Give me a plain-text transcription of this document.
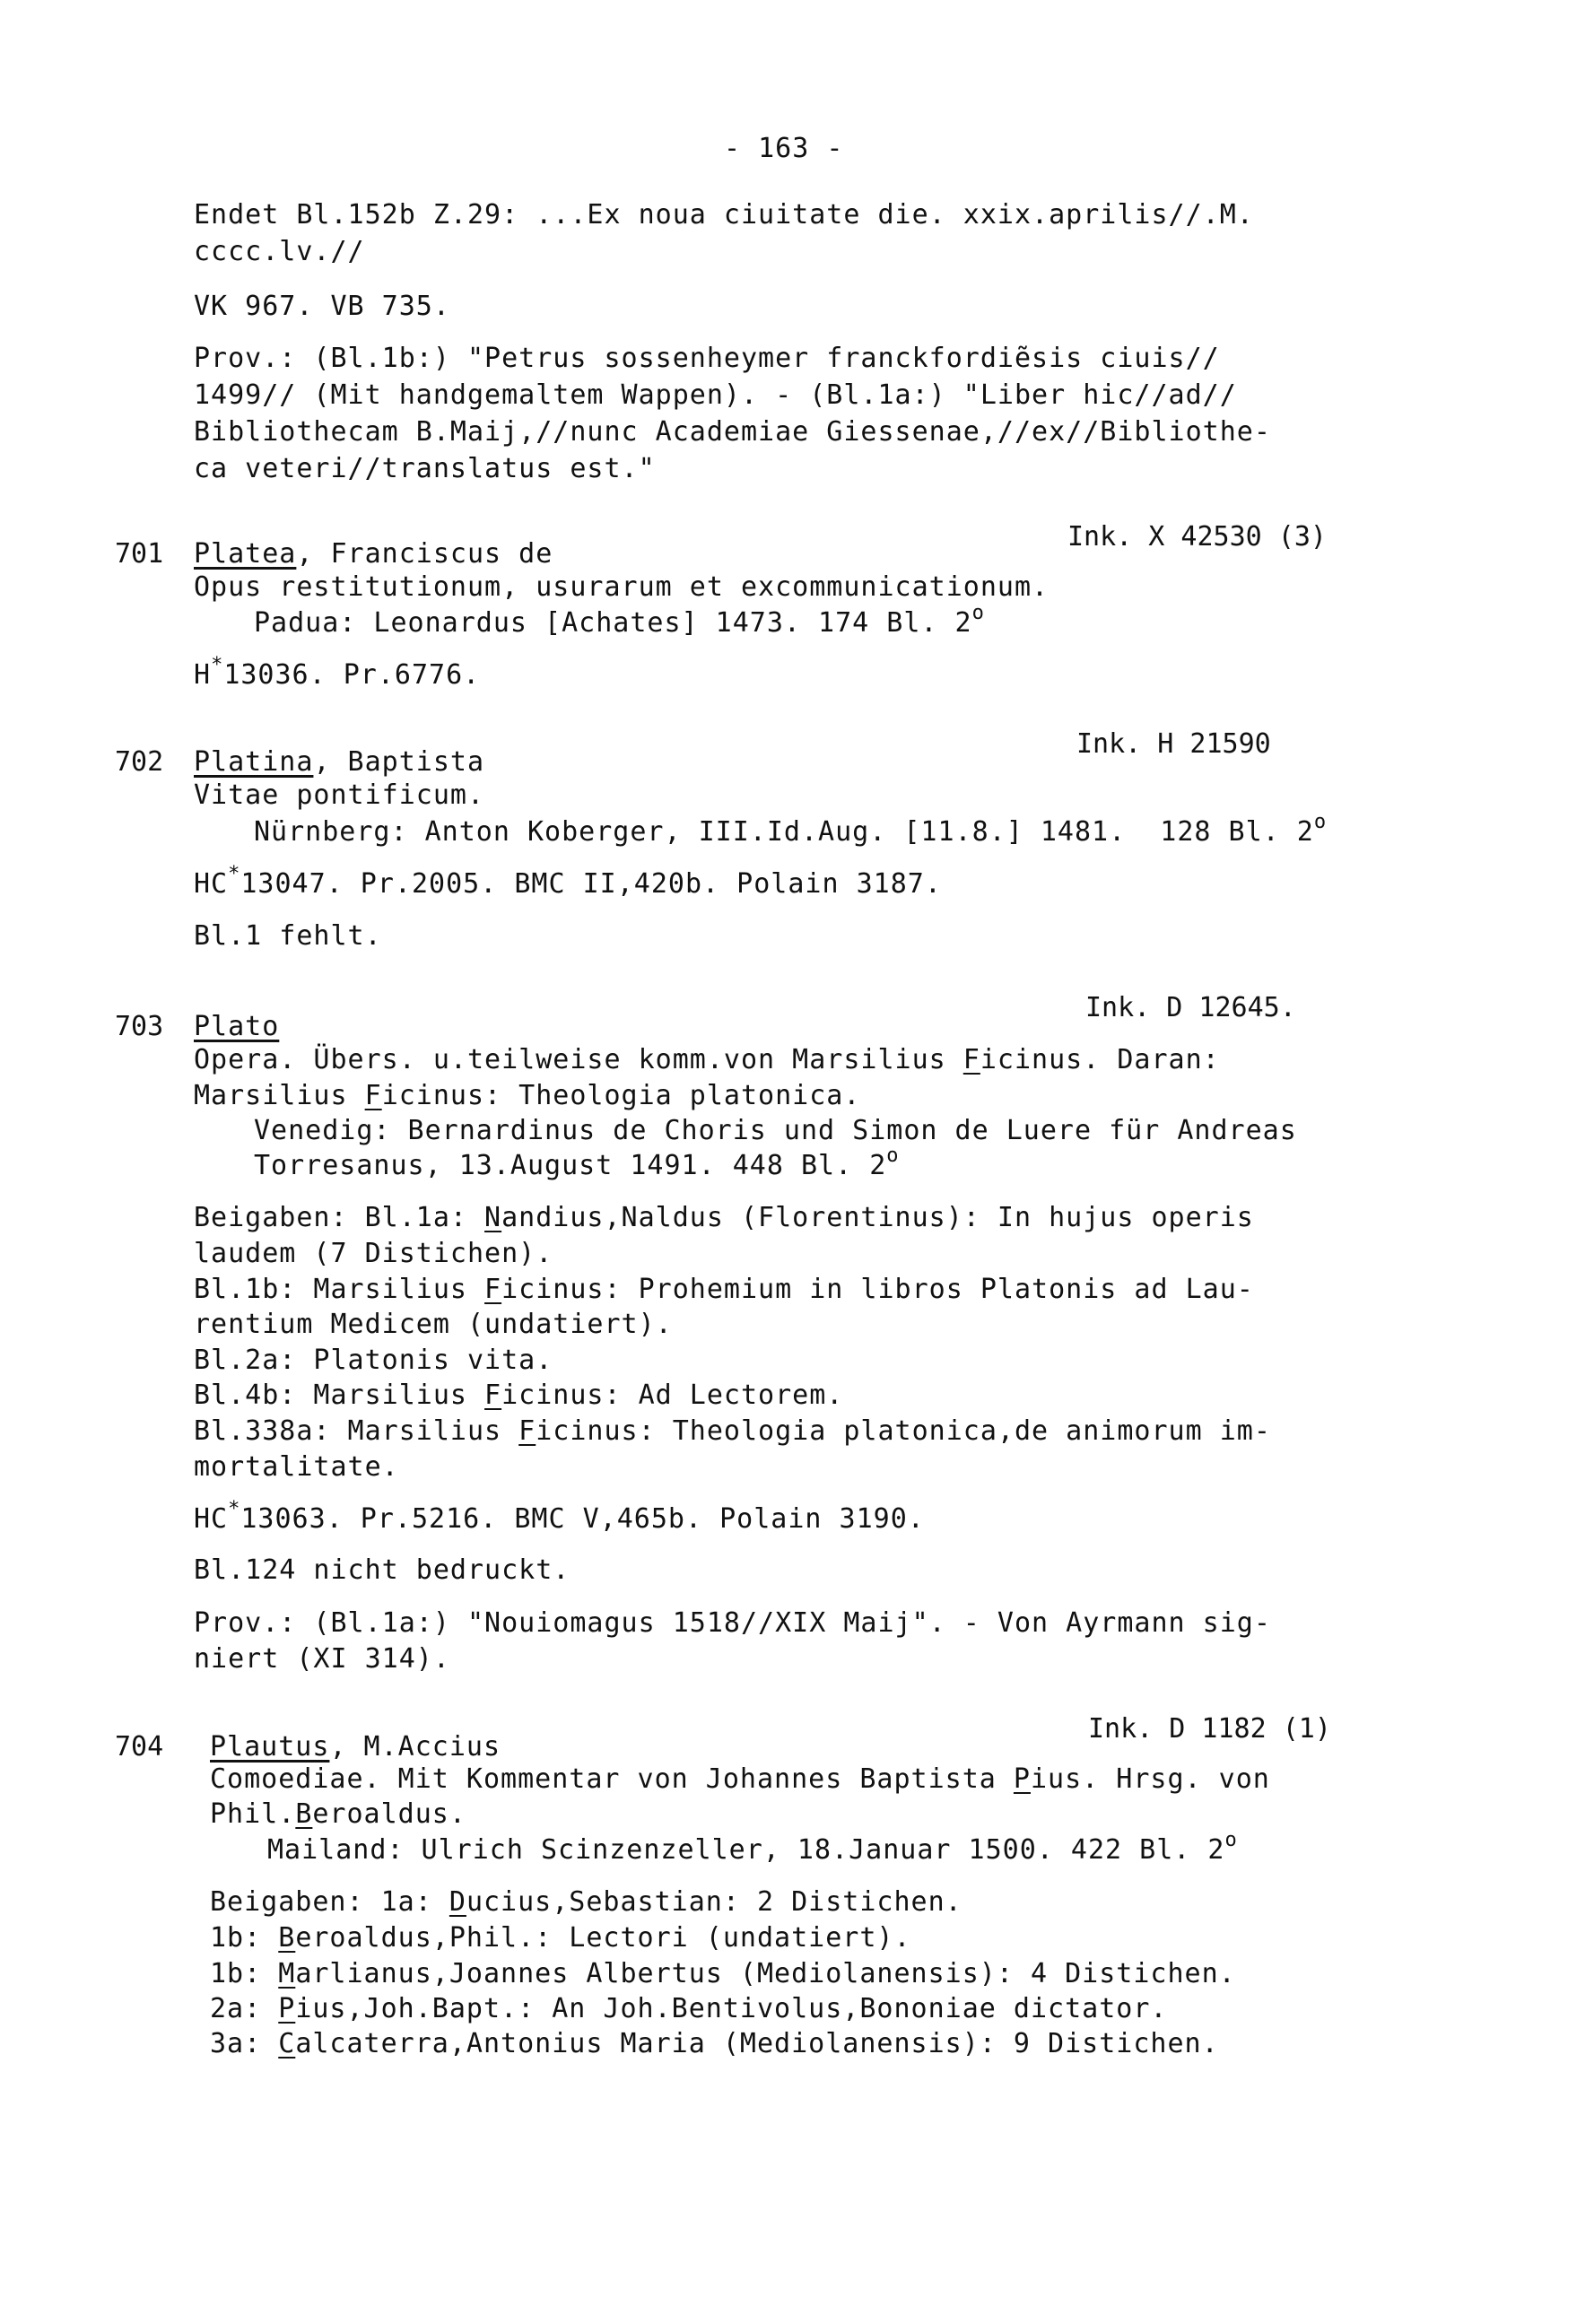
- 163 -
Endet Bl.152b Z.29: ...Ex noua ciuitate die. xxix.aprilis//.M.
cccc.lv.//
VK 967. VB 735.
Prov.: (Bl.1b:) "Petrus sossenheymer franckfordiẽsis ciuis//
1499// (Mit handgemaltem Wappen). - (Bl.1a:) "Liber hic//ad//
Bibliothecam B.Maij,//nunc Academiae Giessenae,//ex//Bibliothe-
ca veteri//translatus est."
701 Platea, Franciscus de
Ink. X 42530 (3)
Opus restitutionum, usurarum et excommunicationum.
Padua: Leonardus [Achates] 1473. 174 Bl. 2$^o$
H*13036. Pr.6776.
702 Platina, Baptista
Ink. H 21590
Vitae pontificum.
Nürnberg: Anton Koberger, III.Id.Aug. [11.8.] 1481.  128 Bl. 2$^o$
HC*13047. Pr.2005. BMC II,420b. Polain 3187.
Bl.1 fehlt.
703 Plato
Ink. D 12645.
Opera. Übers. u.teilweise komm.von Marsilius Ficinus. Daran:
Marsilius Ficinus: Theologia platonica.
Venedig: Bernardinus de Choris und Simon de Luere für Andreas
Torresanus, 13.August 1491. 448 Bl. 2$^o$
Beigaben: Bl.1a: Nandius,Naldus (Florentinus): In hujus operis
laudem (7 Distichen).
Bl.1b: Marsilius Ficinus: Prohemium in libros Platonis ad Lau-
rentium Medicem (undatiert).
Bl.2a: Platonis vita.
Bl.4b: Marsilius Ficinus: Ad Lectorem.
Bl.338a: Marsilius Ficinus: Theologia platonica,de animorum im-
mortalitate.
HC*13063. Pr.5216. BMC V,465b. Polain 3190.
Bl.124 nicht bedruckt.
Prov.: (Bl.1a:) "Nouiomagus 1518//XIX Maij". - Von Ayrmann sig-
niert (XI 314).
704 Plautus, M.Accius
Ink. D 1182 (1)
Comoediae. Mit Kommentar von Johannes Baptista Pius. Hrsg. von
Phil.Beroaldus.
Mailand: Ulrich Scinzenzeller, 18.Januar 1500. 422 Bl. 2$^o$
Beigaben: 1a: Ducius,Sebastian: 2 Distichen.
1b: Beroaldus,Phil.: Lectori (undatiert).
1b: Marlianus,Joannes Albertus (Mediolanensis): 4 Distichen.
2a: Pius,Joh.Bapt.: An Joh.Bentivolus,Bononiae dictator.
3a: Calcaterra,Antonius Maria (Mediolanensis): 9 Distichen.
